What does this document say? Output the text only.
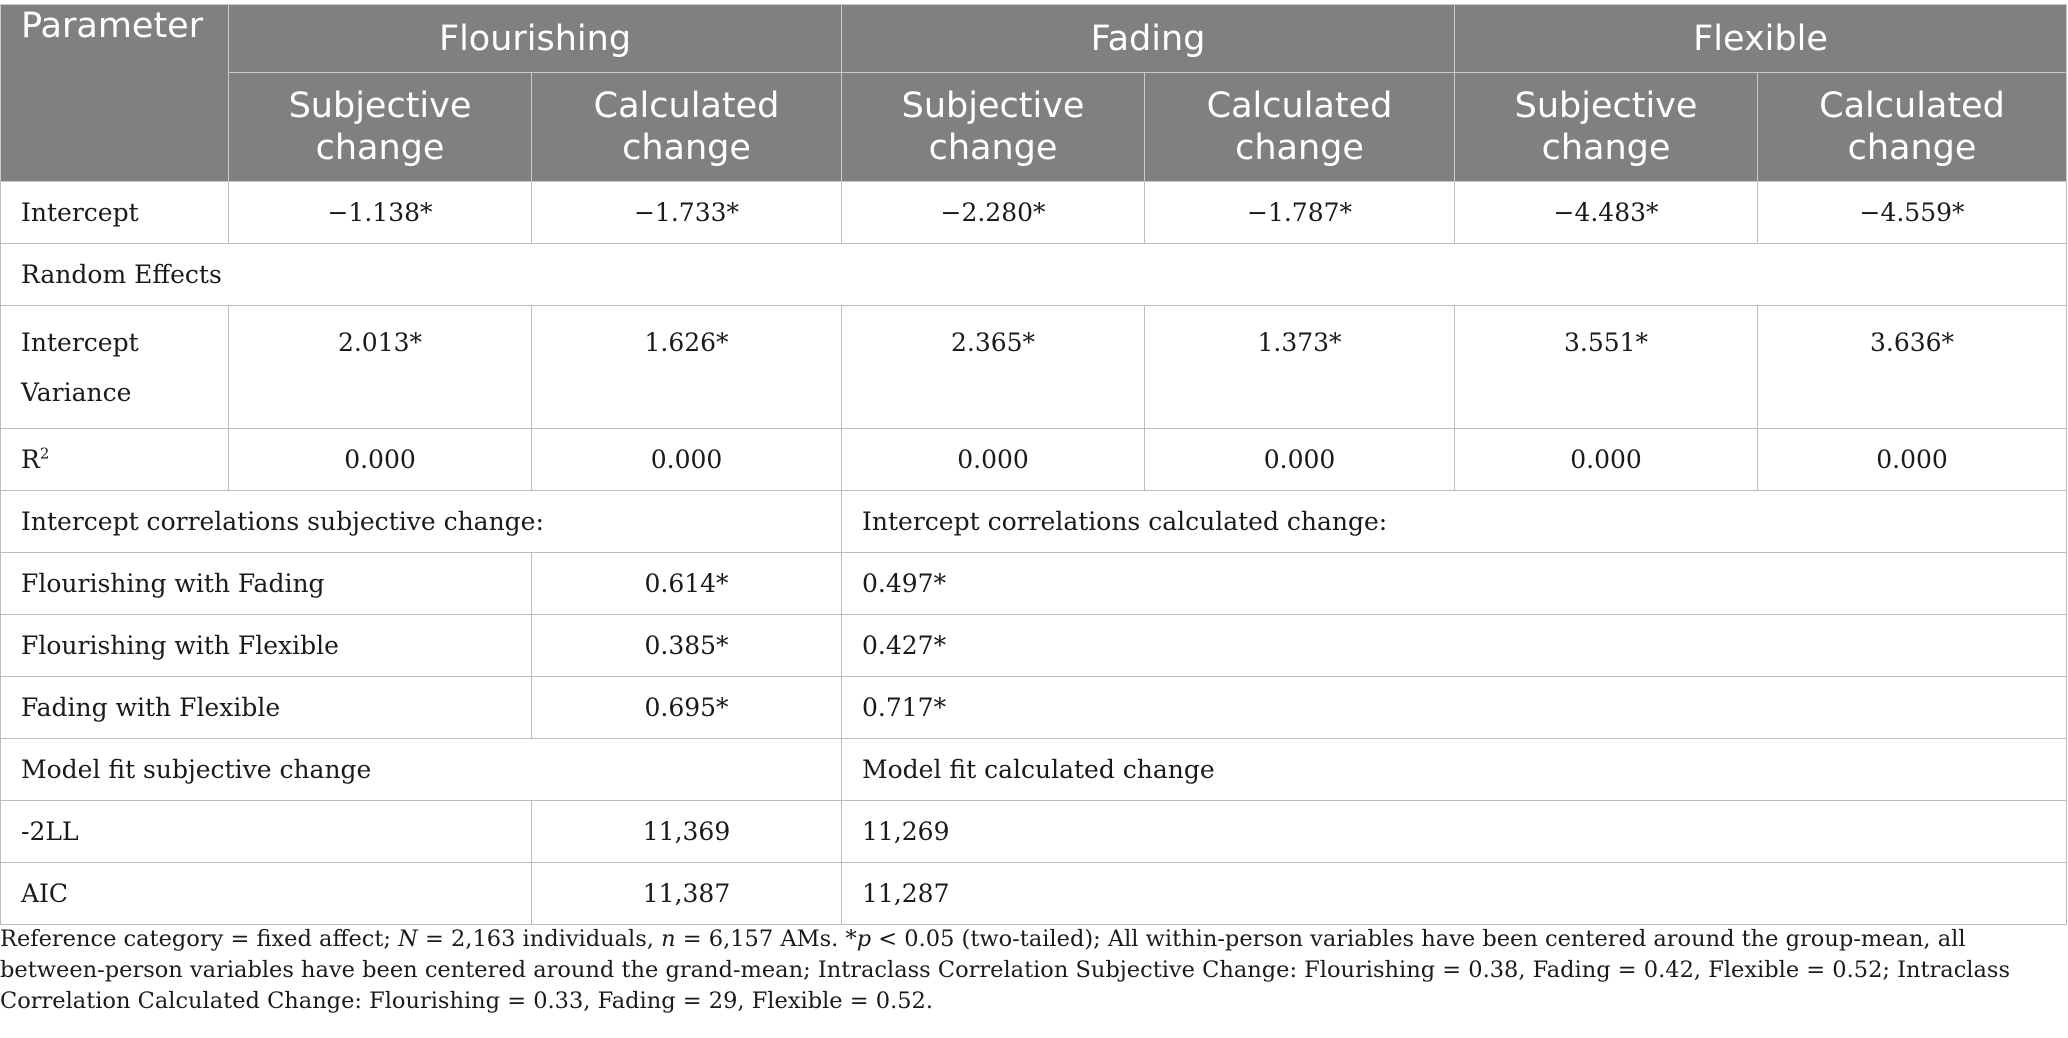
Parameter	Flourishing		Fading		Flexible	
	Subjective change	Calculated change	Subjective change	Calculated change	Subjective change	Calculated change
Intercept	−1.138*	−1.733*	−2.280*	−1.787*	−4.483*	−4.559*
Random Effects						
Intercept Variance	2.013*	1.626*	2.365*	1.373*	3.551*	3.636*
$R^2$	0.000	0.000	0.000	0.000	0.000	0.000
Intercept correlations subjective change:			Intercept correlations calculated change:			
Flourishing with Fading		0.614*	0.497*			
Flourishing with Flexible		0.385*	0.427*			
Fading with Flexible		0.695*	0.717*			
Model fit subjective change			Model fit calculated change			
-2LL		11,369	11,269			
AIC		11,387	11,287			
Reference category = fixed affect; N = 2,163 individuals, n = 6,157 AMs. *p < 0.05 (two-tailed); All within-person variables have been centered around the group-mean, all between-person variables have been centered around the grand-mean; Intraclass Correlation Subjective Change: Flourishing = 0.38, Fading = 0.42, Flexible = 0.52; Intraclass Correlation Calculated Change: Flourishing = 0.33, Fading = 29, Flexible = 0.52.
